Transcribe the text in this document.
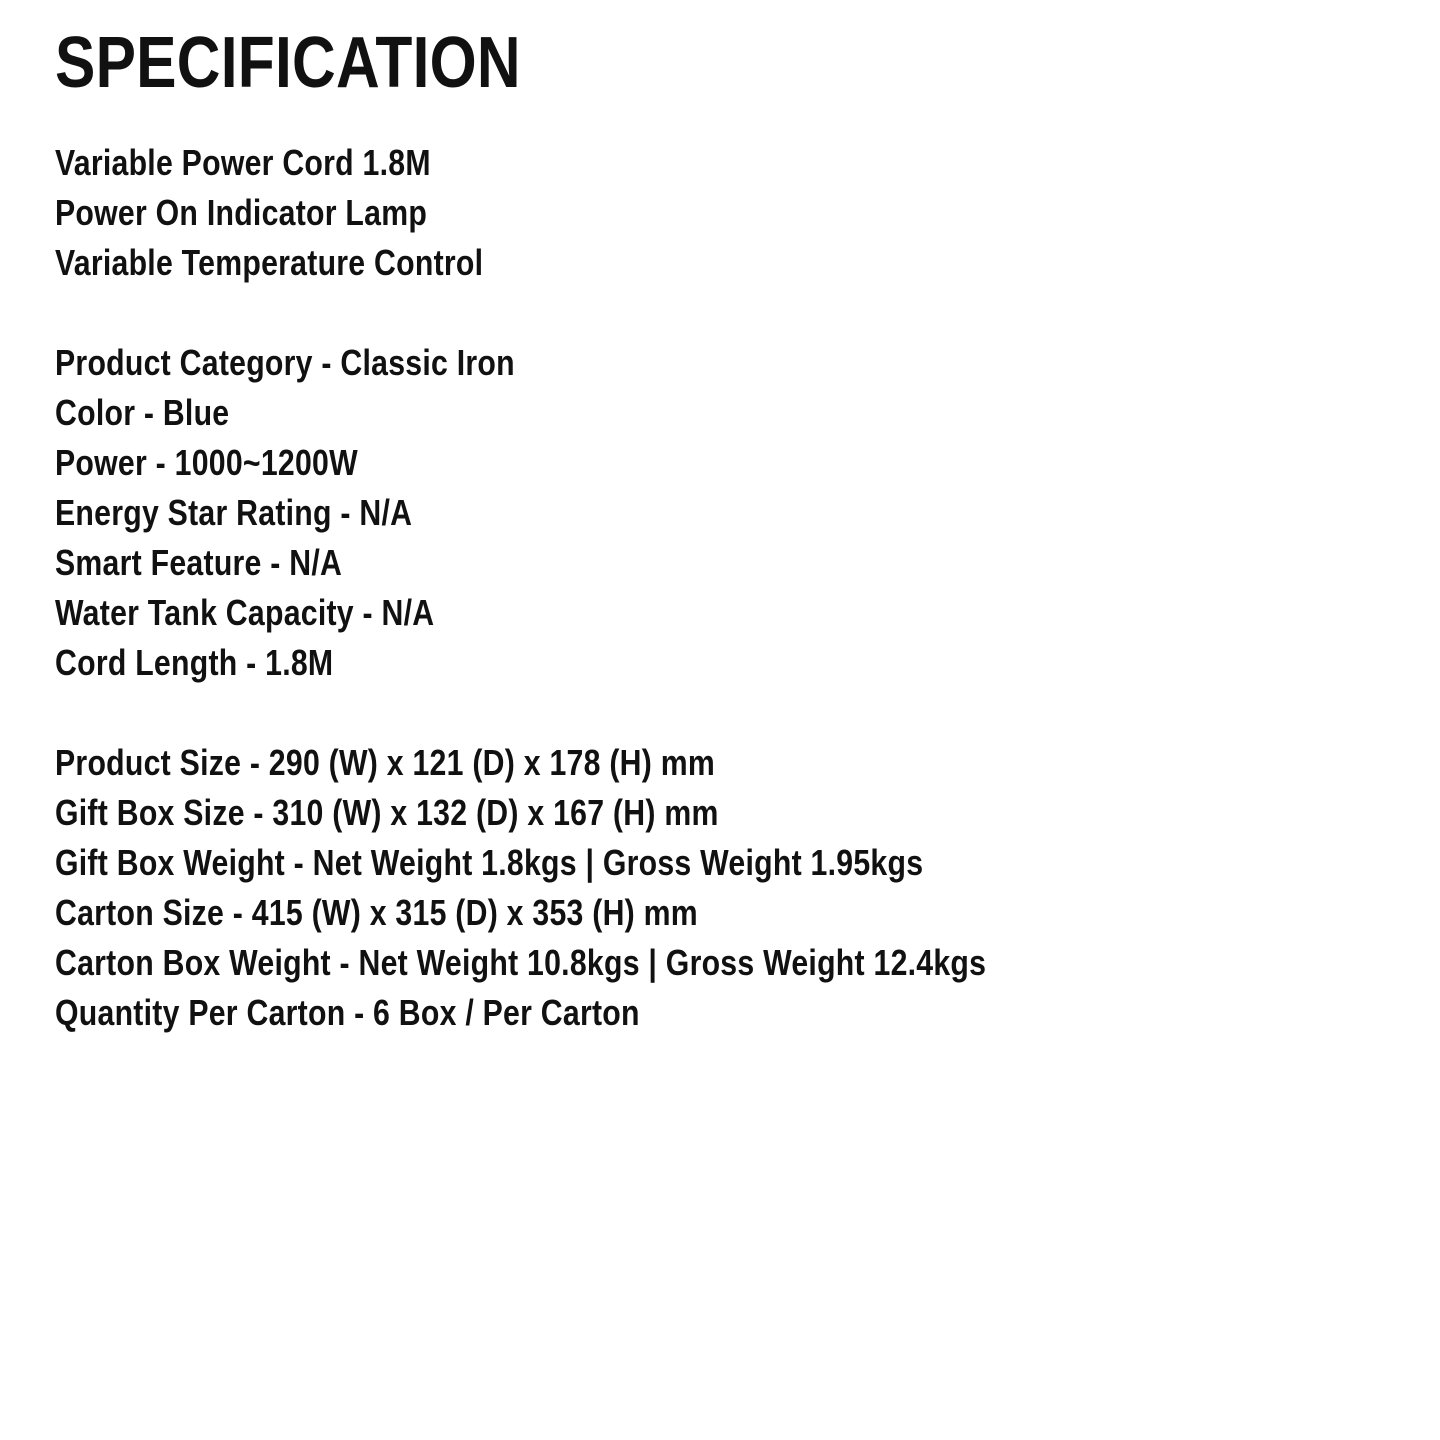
SPECIFICATION
Variable Power Cord 1.8M
Power On Indicator Lamp
Variable Temperature Control
Product Category - Classic Iron
Color - Blue
Power - 1000~1200W
Energy Star Rating - N/A
Smart Feature - N/A
Water Tank Capacity - N/A
Cord Length - 1.8M
Product Size - 290 (W) x 121 (D) x 178 (H) mm
Gift Box Size - 310 (W) x 132 (D) x 167 (H) mm
Gift Box Weight - Net Weight 1.8kgs | Gross Weight 1.95kgs
Carton Size - 415 (W) x 315 (D) x 353 (H) mm
Carton Box Weight - Net Weight 10.8kgs | Gross Weight 12.4kgs
Quantity Per Carton - 6 Box / Per Carton
